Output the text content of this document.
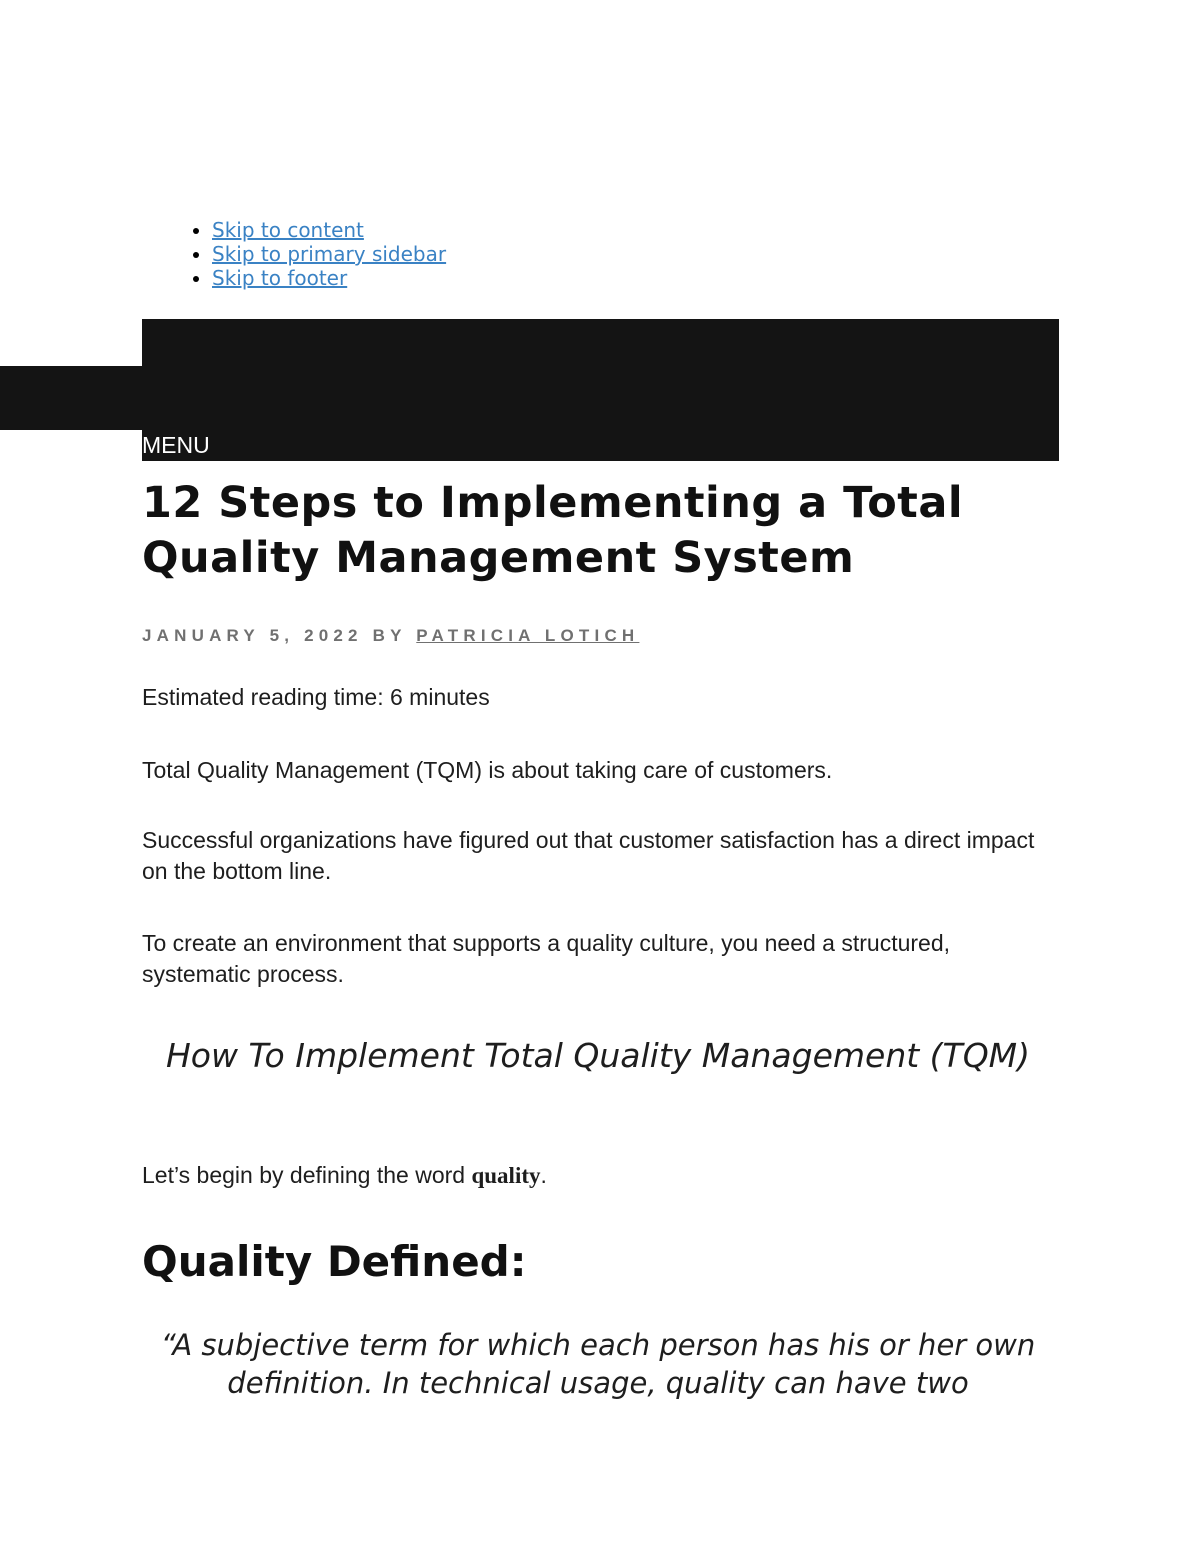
• Skip to content
• Skip to primary sidebar
• Skip to footer
MENU
12 Steps to Implementing a Total Quality Management System
JANUARY 5, 2022 BY PATRICIA LOTICH

Estimated reading time: 6 minutes

Total Quality Management (TQM) is about taking care of customers.

Successful organizations have figured out that customer satisfaction has a direct impact on the bottom line.

To create an environment that supports a quality culture, you need a structured, systematic process.

How To Implement Total Quality Management (TQM)

Let’s begin by defining the word quality.

Quality Defined:
“A subjective term for which each person has his or her own definition. In technical usage, quality can have two
